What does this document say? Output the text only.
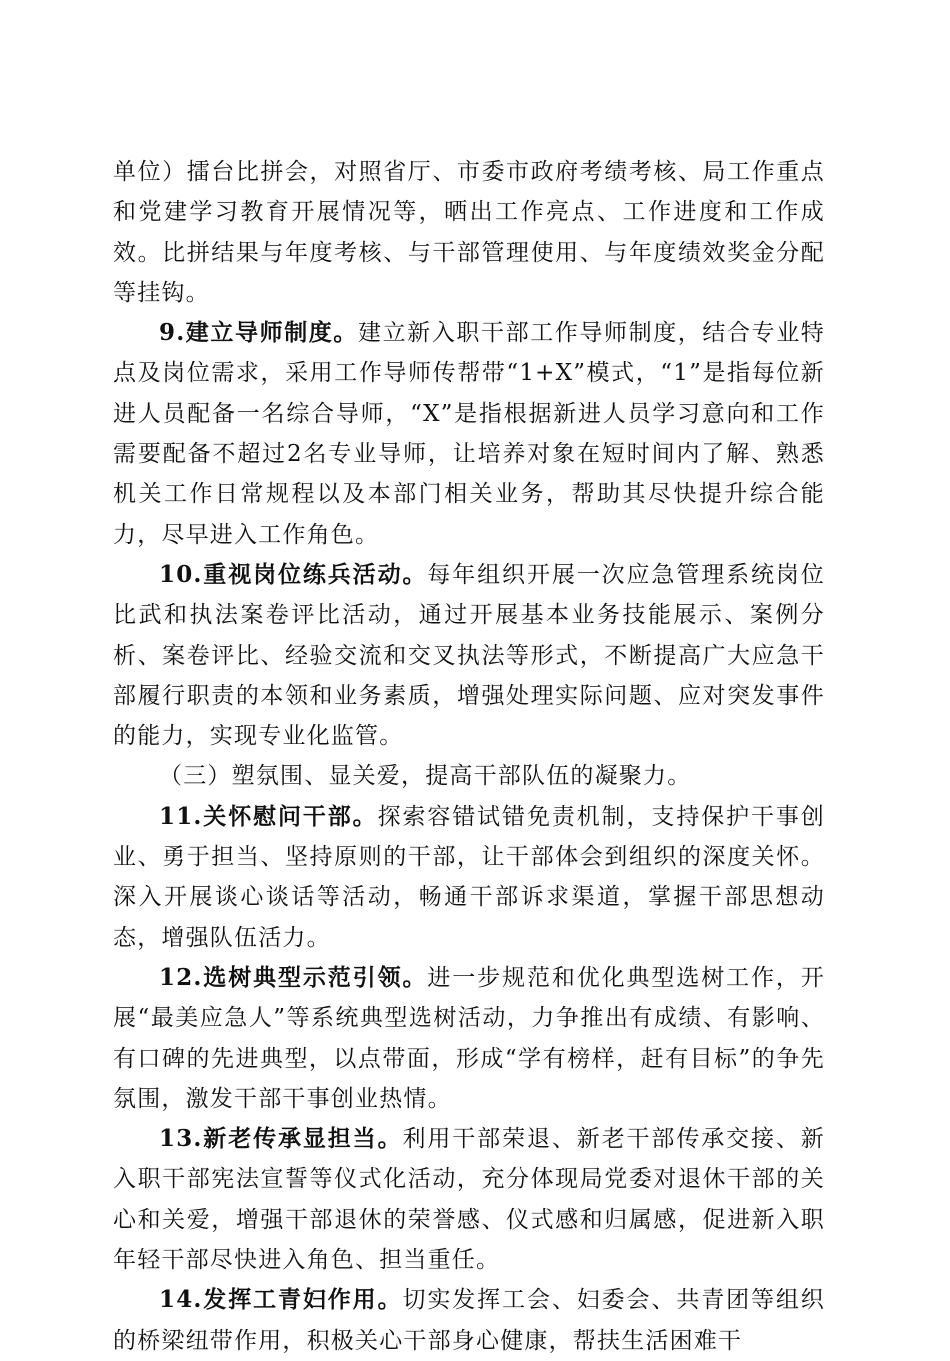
单位）擂台比拼会，对照省厅、市委市政府考绩考核、局工作重点和党建学习教育开展情况等，晒出工作亮点、工作进度和工作成效。比拼结果与年度考核、与干部管理使用、与年度绩效奖金分配等挂钩。

9.建立导师制度。建立新入职干部工作导师制度，结合专业特点及岗位需求，采用工作导师传帮带“1+X”模式，“1”是指每位新进人员配备一名综合导师，“X”是指根据新进人员学习意向和工作需要配备不超过2名专业导师，让培养对象在短时间内了解、熟悉机关工作日常规程以及本部门相关业务，帮助其尽快提升综合能力，尽早进入工作角色。

10.重视岗位练兵活动。每年组织开展一次应急管理系统岗位比武和执法案卷评比活动，通过开展基本业务技能展示、案例分析、案卷评比、经验交流和交叉执法等形式，不断提高广大应急干部履行职责的本领和业务素质，增强处理实际问题、应对突发事件的能力，实现专业化监管。

（三）塑氛围、显关爱，提高干部队伍的凝聚力。

11.关怀慰问干部。探索容错试错免责机制，支持保护干事创业、勇于担当、坚持原则的干部，让干部体会到组织的深度关怀。深入开展谈心谈话等活动，畅通干部诉求渠道，掌握干部思想动态，增强队伍活力。

12.选树典型示范引领。进一步规范和优化典型选树工作，开展“最美应急人”等系统典型选树活动，力争推出有成绩、有影响、有口碑的先进典型，以点带面，形成“学有榜样，赶有目标”的争先氛围，激发干部干事创业热情。

13.新老传承显担当。利用干部荣退、新老干部传承交接、新入职干部宪法宣誓等仪式化活动，充分体现局党委对退休干部的关心和关爱，增强干部退休的荣誉感、仪式感和归属感，促进新入职年轻干部尽快进入角色、担当重任。

14.发挥工青妇作用。切实发挥工会、妇委会、共青团等组织的桥梁纽带作用，积极关心干部身心健康，帮扶生活困难干
